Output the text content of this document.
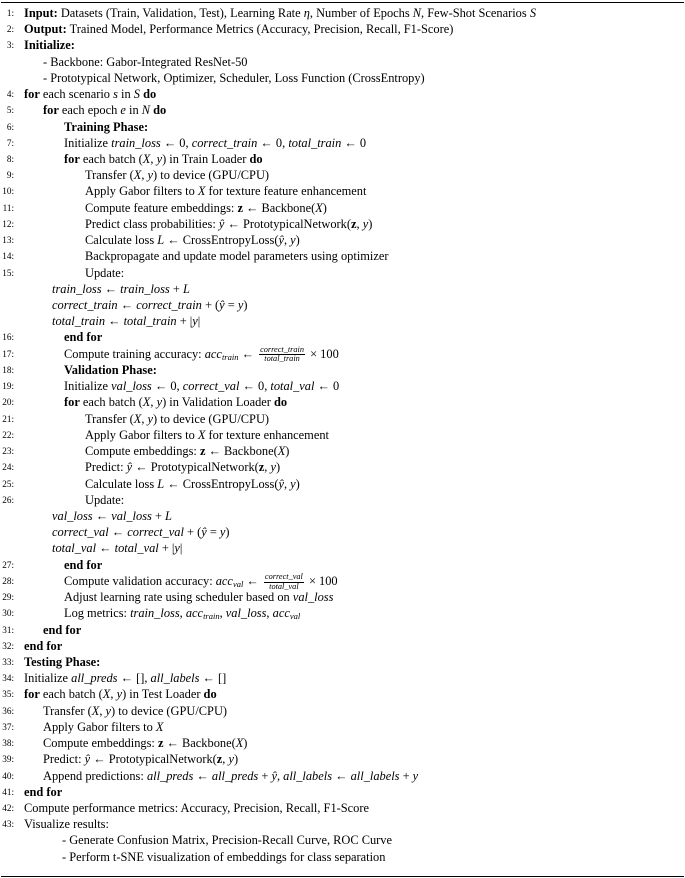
1: Input: Datasets (Train, Validation, Test), Learning Rate η, Number of Epochs N, Few-Shot Scenarios S
2: Output: Trained Model, Performance Metrics (Accuracy, Precision, Recall, F1-Score)
3: Initialize:
- Backbone: Gabor-Integrated ResNet-50
- Prototypical Network, Optimizer, Scheduler, Loss Function (CrossEntropy)
4: for each scenario s in S do
5: for each epoch e in N do
6:	Training Phase:
7:	Initialize train_loss ← 0, correct_train ← 0, total_train ← 0
8:	for each batch (X, y) in Train Loader do
9:	Transfer (X, y) to device (GPU/CPU)
10:	Apply Gabor filters to X for texture feature enhancement
11:	Compute feature embeddings: z ← Backbone(X)
12:	Predict class probabilities: ŷ ← PrototypicalNetwork(z, y)
13:	Calculate loss L ← CrossEntropyLoss(ŷ, y)
14:	Backpropagate and update model parameters using optimizer
15:	Update:
train_loss ← train_loss + L
correct_train ← correct_train + (ŷ = y)
total_train ← total_train + |y|
16:	end for
17:	Compute training accuracy: acc$_{train}$ ← $\frac{\text{correct\_train}}{\text{total\_train}} \times 100$
18:	Validation Phase:
19:	Initialize val_loss ← 0, correct_val ← 0, total_val ← 0
20:	for each batch (X, y) in Validation Loader do
21:	Transfer (X, y) to device (GPU/CPU)
22:	Apply Gabor filters to X for texture enhancement
23:	Compute embeddings: z ← Backbone(X)
24:	Predict: ŷ ← PrototypicalNetwork(z, y)
25:	Calculate loss L ← CrossEntropyLoss(ŷ, y)
26:	Update:
val_loss ← val_loss + L
correct_val ← correct_val + (ŷ = y)
total_val ← total_val + |y|
27:	end for
28:	Compute validation accuracy: acc$_{val}$ ← $\frac{\text{correct\_val}}{\text{total\_val}} \times 100$
29:	Adjust learning rate using scheduler based on val_loss
30:	Log metrics: train_loss, acc$_{train}$, val_loss, acc$_{val}$
31: end for
32: end for
33: Testing Phase:
34: Initialize all_preds ← [], all_labels ← []
35: for each batch (X, y) in Test Loader do
36: Transfer (X, y) to device (GPU/CPU)
37: Apply Gabor filters to X
38: Compute embeddings: z ← Backbone(X)
39: Predict: ŷ ← PrototypicalNetwork(z, y)
40: Append predictions: all_preds ← all_preds + ŷ, all_labels ← all_labels + y
41: end for
42: Compute performance metrics: Accuracy, Precision, Recall, F1-Score
43: Visualize results:
- Generate Confusion Matrix, Precision-Recall Curve, ROC Curve
- Perform t-SNE visualization of embeddings for class separation
